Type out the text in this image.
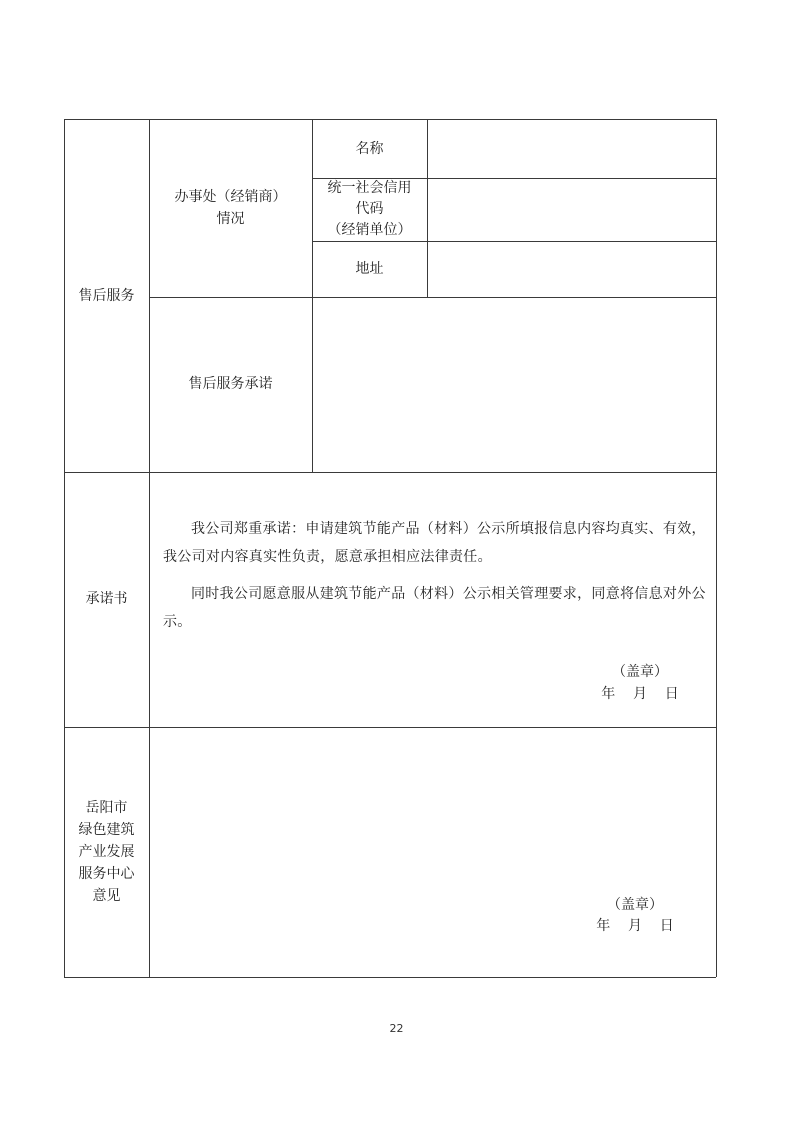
售后服务
办事处（经销商）
情况
名称
统一社会信用
代码
（经销单位）
地址
售后服务承诺
承诺书
我公司郑重承诺：申请建筑节能产品（材料）公示所填报信息内容均真实、有效，我公司对内容真实性负责，愿意承担相应法律责任。
同时我公司愿意服从建筑节能产品（材料）公示相关管理要求，同意将信息对外公示。
（盖章）
年    月    日
岳阳市
绿色建筑
产业发展
服务中心
意见
（盖章）
年    月    日
22
